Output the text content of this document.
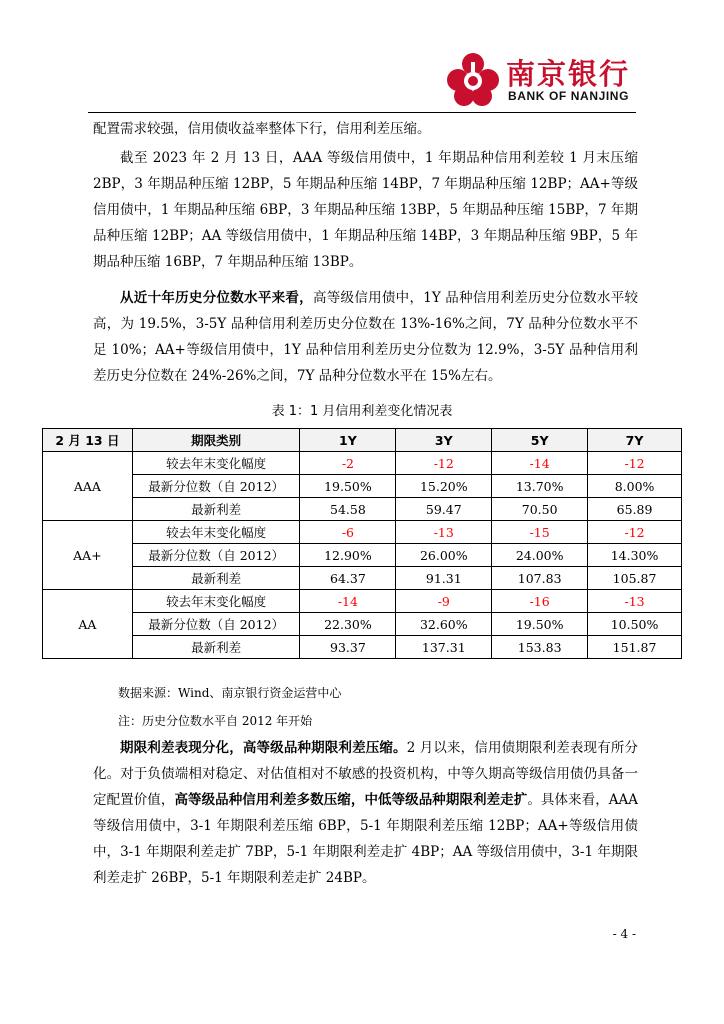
南京银行
BANK OF NANJING

配置需求较强，信用债收益率整体下行，信用利差压缩。

截至 2023 年 2 月 13 日，AAA 等级信用债中，1 年期品种信用利差较 1 月末压缩 2BP，3 年期品种压缩 12BP，5 年期品种压缩 14BP，7 年期品种压缩 12BP；AA+等级信用债中，1 年期品种压缩 6BP，3 年期品种压缩 13BP，5 年期品种压缩 15BP，7 年期品种压缩 12BP；AA 等级信用债中，1 年期品种压缩 14BP，3 年期品种压缩 9BP，5 年期品种压缩 16BP，7 年期品种压缩 13BP。

从近十年历史分位数水平来看，高等级信用债中，1Y 品种信用利差历史分位数水平较高，为 19.5%，3-5Y 品种信用利差历史分位数在 13%-16%之间，7Y 品种分位数水平不足 10%；AA+等级信用债中，1Y 品种信用利差历史分位数为 12.9%，3-5Y 品种信用利差历史分位数在 24%-26%之间，7Y 品种分位数水平在 15%左右。

表 1：1 月信用利差变化情况表
2 月 13 日	期限类别	1Y	3Y	5Y	7Y
AAA	较去年末变化幅度	-2	-12	-14	-12
	最新分位数（自 2012）	19.50%	15.20%	13.70%	8.00%
	最新利差	54.58	59.47	70.50	65.89
AA+	较去年末变化幅度	-6	-13	-15	-12
	最新分位数（自 2012）	12.90%	26.00%	24.00%	14.30%
	最新利差	64.37	91.31	107.83	105.87
AA	较去年末变化幅度	-14	-9	-16	-13
	最新分位数（自 2012）	22.30%	32.60%	19.50%	10.50%
	最新利差	93.37	137.31	153.83	151.87
数据来源：Wind、南京银行资金运营中心
注：历史分位数水平自 2012 年开始

期限利差表现分化，高等级品种期限利差压缩。2 月以来，信用债期限利差表现有所分化。对于负债端相对稳定、对估值相对不敏感的投资机构，中等久期高等级信用债仍具备一定配置价值，高等级品种信用利差多数压缩，中低等级品种期限利差走扩。具体来看，AAA 等级信用债中，3-1 年期限利差压缩 6BP，5-1 年期限利差压缩 12BP；AA+等级信用债中，3-1 年期限利差走扩 7BP，5-1 年期限利差走扩 4BP；AA 等级信用债中，3-1 年期限利差走扩 26BP，5-1 年期限利差走扩 24BP。

- 4 -
